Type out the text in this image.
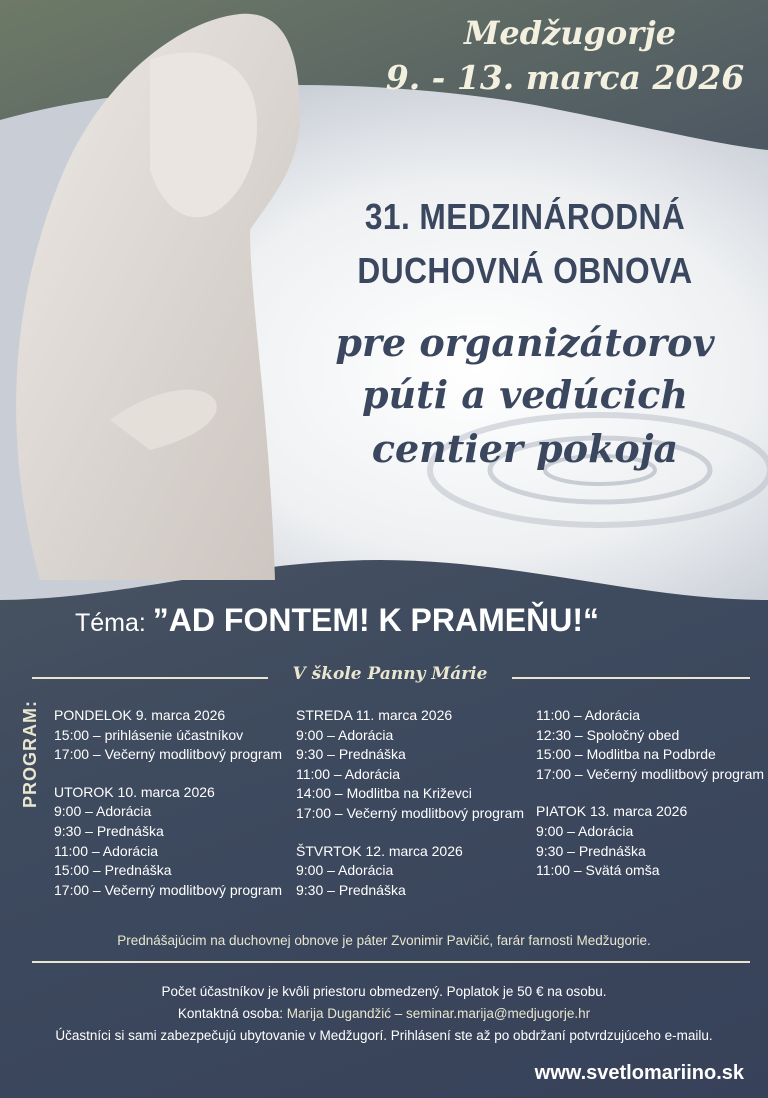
Medžugorje
9. - 13. marca 2026
31. MEDZINÁRODNÁ
DUCHOVNÁ OBNOVA
pre organizátorov
púti a vedúcich
centier pokoja
Téma: ”AD FONTEM! K PRAMEŇU!“
V škole Panny Márie
PROGRAM: PONDELOK 9. marca 2026
15:00 – prihlásenie účastníkov
17:00 – Večerný modlitbový program
UTOROK 10. marca 2026
9:00 – Adorácia
9:30 – Prednáška
11:00 – Adorácia
15:00 – Prednáška
17:00 – Večerný modlitbový program
STREDA 11. marca 2026
9:00 – Adorácia
9:30 – Prednáška
11:00 – Adorácia
14:00 – Modlitba na Križevci
17:00 – Večerný modlitbový program
ŠTVRTOK 12. marca 2026
9:00 – Adorácia
9:30 – Prednáška
11:00 – Adorácia
12:30 – Spoločný obed
15:00 – Modlitba na Podbrde
17:00 – Večerný modlitbový program
PIATOK 13. marca 2026
9:00 – Adorácia
9:30 – Prednáška
11:00 – Svätá omša
Prednášajúcim na duchovnej obnove je páter Zvonimir Pavičić, farár farnosti Medžugorie.
Počet účastníkov je kvôli priestoru obmedzený. Poplatok je 50 € na osobu.
Kontaktná osoba: Marija Dugandžić – seminar.marija@medjugorje.hr
Účastníci si sami zabezpečujú ubytovanie v Medžugorí. Prihlásení ste až po obdržaní potvrdzujúceho e-mailu.
www.svetlomariino.sk
